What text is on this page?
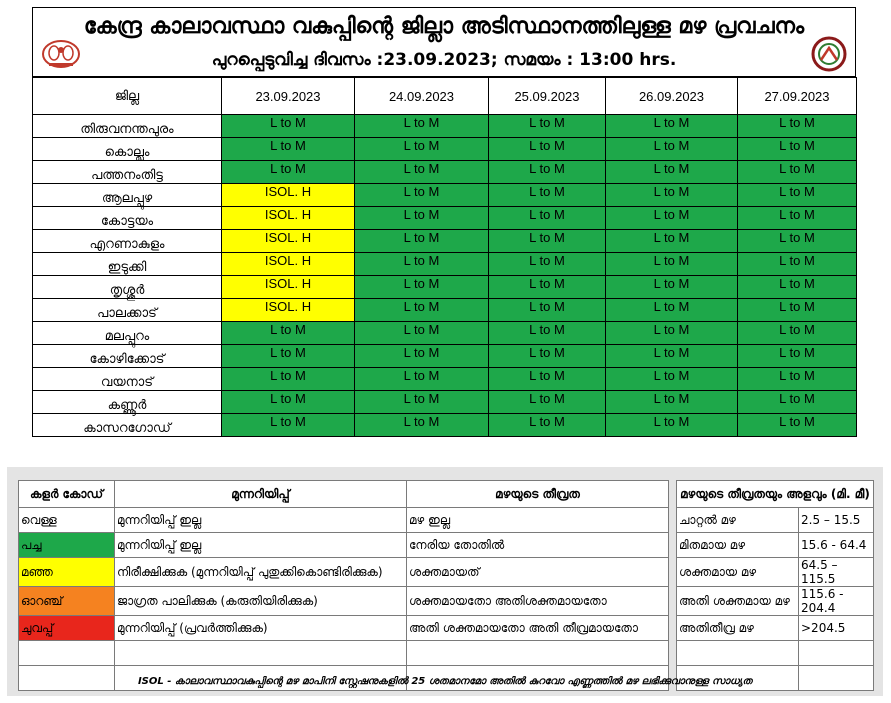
കേന്ദ്ര കാലാവസ്ഥാ വകുപ്പിന്റെ ജില്ലാ അടിസ്ഥാനത്തിലുള്ള മഴ പ്രവചനം
പുറപ്പെടുവിച്ച ദിവസം :23.09.2023; സമയം : 13:00 hrs.
ജില്ല	23.09.2023	24.09.2023	25.09.2023	26.09.2023	27.09.2023
തിരുവനന്തപുരം	L to M	L to M	L to M	L to M	L to M
കൊല്ലം	L to M	L to M	L to M	L to M	L to M
പത്തനംതിട്ട	L to M	L to M	L to M	L to M	L to M
ആലപ്പുഴ	ISOL. H	L to M	L to M	L to M	L to M
കോട്ടയം	ISOL. H	L to M	L to M	L to M	L to M
എറണാകുളം	ISOL. H	L to M	L to M	L to M	L to M
ഇടുക്കി	ISOL. H	L to M	L to M	L to M	L to M
തൃശ്ശൂർ	ISOL. H	L to M	L to M	L to M	L to M
പാലക്കാട്	ISOL. H	L to M	L to M	L to M	L to M
മലപ്പുറം	L to M	L to M	L to M	L to M	L to M
കോഴിക്കോട്	L to M	L to M	L to M	L to M	L to M
വയനാട്	L to M	L to M	L to M	L to M	L to M
കണ്ണൂർ	L to M	L to M	L to M	L to M	L to M
കാസറഗോഡ്	L to M	L to M	L to M	L to M	L to M
കളർ കോഡ്	മുന്നറിയിപ്പ്	മഴയുടെ തീവ്രത		മഴയുടെ തീവ്രതയും അളവും (മി. മീ)	
വെള്ള	മുന്നറിയിപ്പ് ഇല്ല	മഴ ഇല്ല		ചാറ്റൽ മഴ	2.5 – 15.5
പച്ച	മുന്നറിയിപ്പ് ഇല്ല	നേരിയ തോതിൽ		മിതമായ മഴ	15.6 - 64.4
മഞ്ഞ	നിരീക്ഷിക്കുക (മുന്നറിയിപ്പ് പുതുക്കികൊണ്ടിരിക്കുക)	ശക്തമായത്		ശക്തമായ മഴ	64.5 – 115.5
ഓറഞ്ച്	ജാഗ്രത പാലിക്കുക (കരുതിയിരിക്കുക)	ശക്തമായതോ അതിശക്തമായതോ		അതി ശക്തമായ മഴ	115.6 - 204.4
ചുവപ്പ്	മുന്നറിയിപ്പ് (പ്രവർത്തിക്കുക)	അതി ശക്തമായതോ അതി തീവ്രമായതോ		അതിതീവ്ര മഴ	>204.5

ISOL - കാലാവസ്ഥാവകുപ്പിന്റെ മഴ മാപിനി സ്റ്റേഷനുകളിൽ 25 ശതമാനമോ അതിൽ കുറവോ എണ്ണത്തിൽ മഴ ലഭിക്കുവാനുള്ള സാധ്യത
